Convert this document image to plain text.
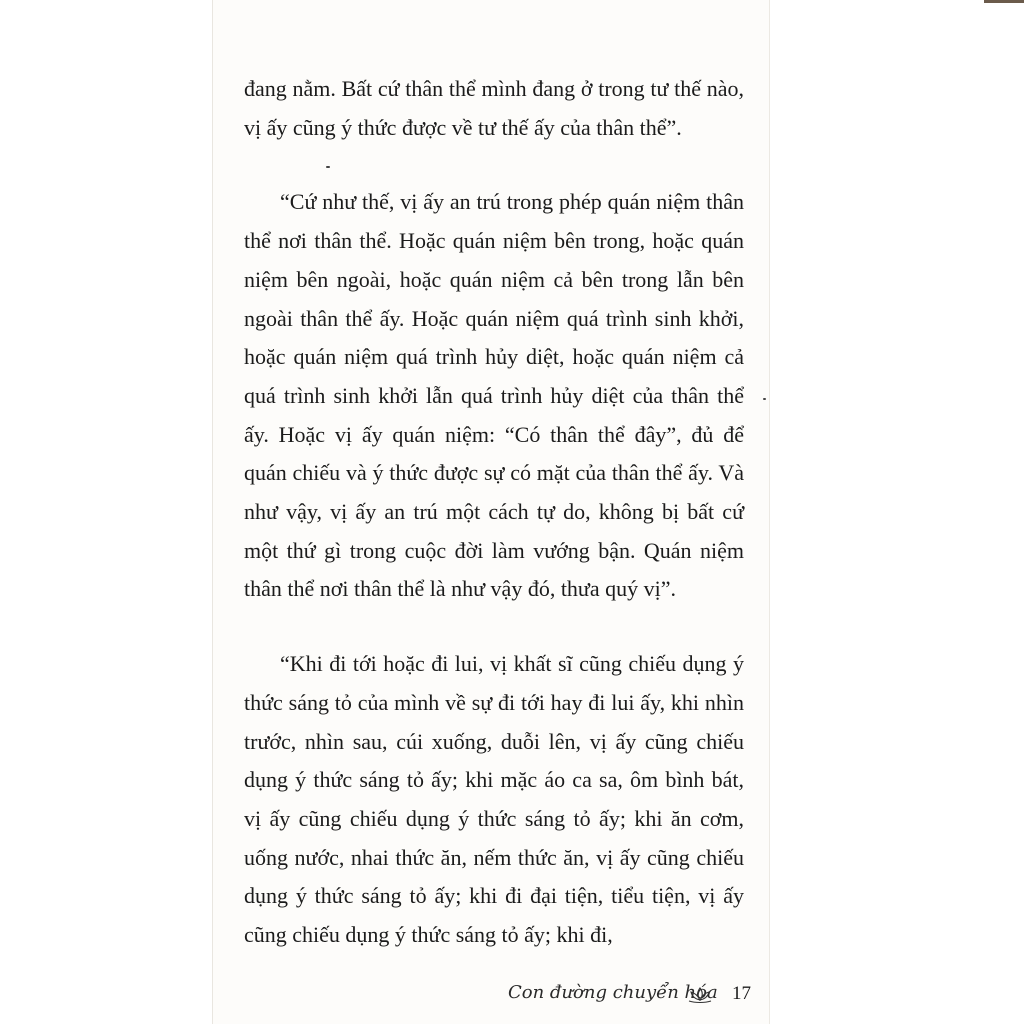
đang nằm. Bất cứ thân thể mình đang ở trong tư thế nào, vị ấy cũng ý thức được về tư thế ấy của thân thể”.

“Cứ như thế, vị ấy an trú trong phép quán niệm thân thể nơi thân thể. Hoặc quán niệm bên trong, hoặc quán niệm bên ngoài, hoặc quán niệm cả bên trong lẫn bên ngoài thân thể ấy. Hoặc quán niệm quá trình sinh khởi, hoặc quán niệm quá trình hủy diệt, hoặc quán niệm cả quá trình sinh khởi lẫn quá trình hủy diệt của thân thể ấy. Hoặc vị ấy quán niệm: “Có thân thể đây”, đủ để quán chiếu và ý thức được sự có mặt của thân thể ấy. Và như vậy, vị ấy an trú một cách tự do, không bị bất cứ một thứ gì trong cuộc đời làm vướng bận. Quán niệm thân thể nơi thân thể là như vậy đó, thưa quý vị”.

“Khi đi tới hoặc đi lui, vị khất sĩ cũng chiếu dụng ý thức sáng tỏ của mình về sự đi tới hay đi lui ấy, khi nhìn trước, nhìn sau, cúi xuống, duỗi lên, vị ấy cũng chiếu dụng ý thức sáng tỏ ấy; khi mặc áo ca sa, ôm bình bát, vị ấy cũng chiếu dụng ý thức sáng tỏ ấy; khi ăn cơm, uống nước, nhai thức ăn, nếm thức ăn, vị ấy cũng chiếu dụng ý thức sáng tỏ ấy; khi đi đại tiện, tiểu tiện, vị ấy cũng chiếu dụng ý thức sáng tỏ ấy; khi đi,

Con đường chuyển hóa 17
